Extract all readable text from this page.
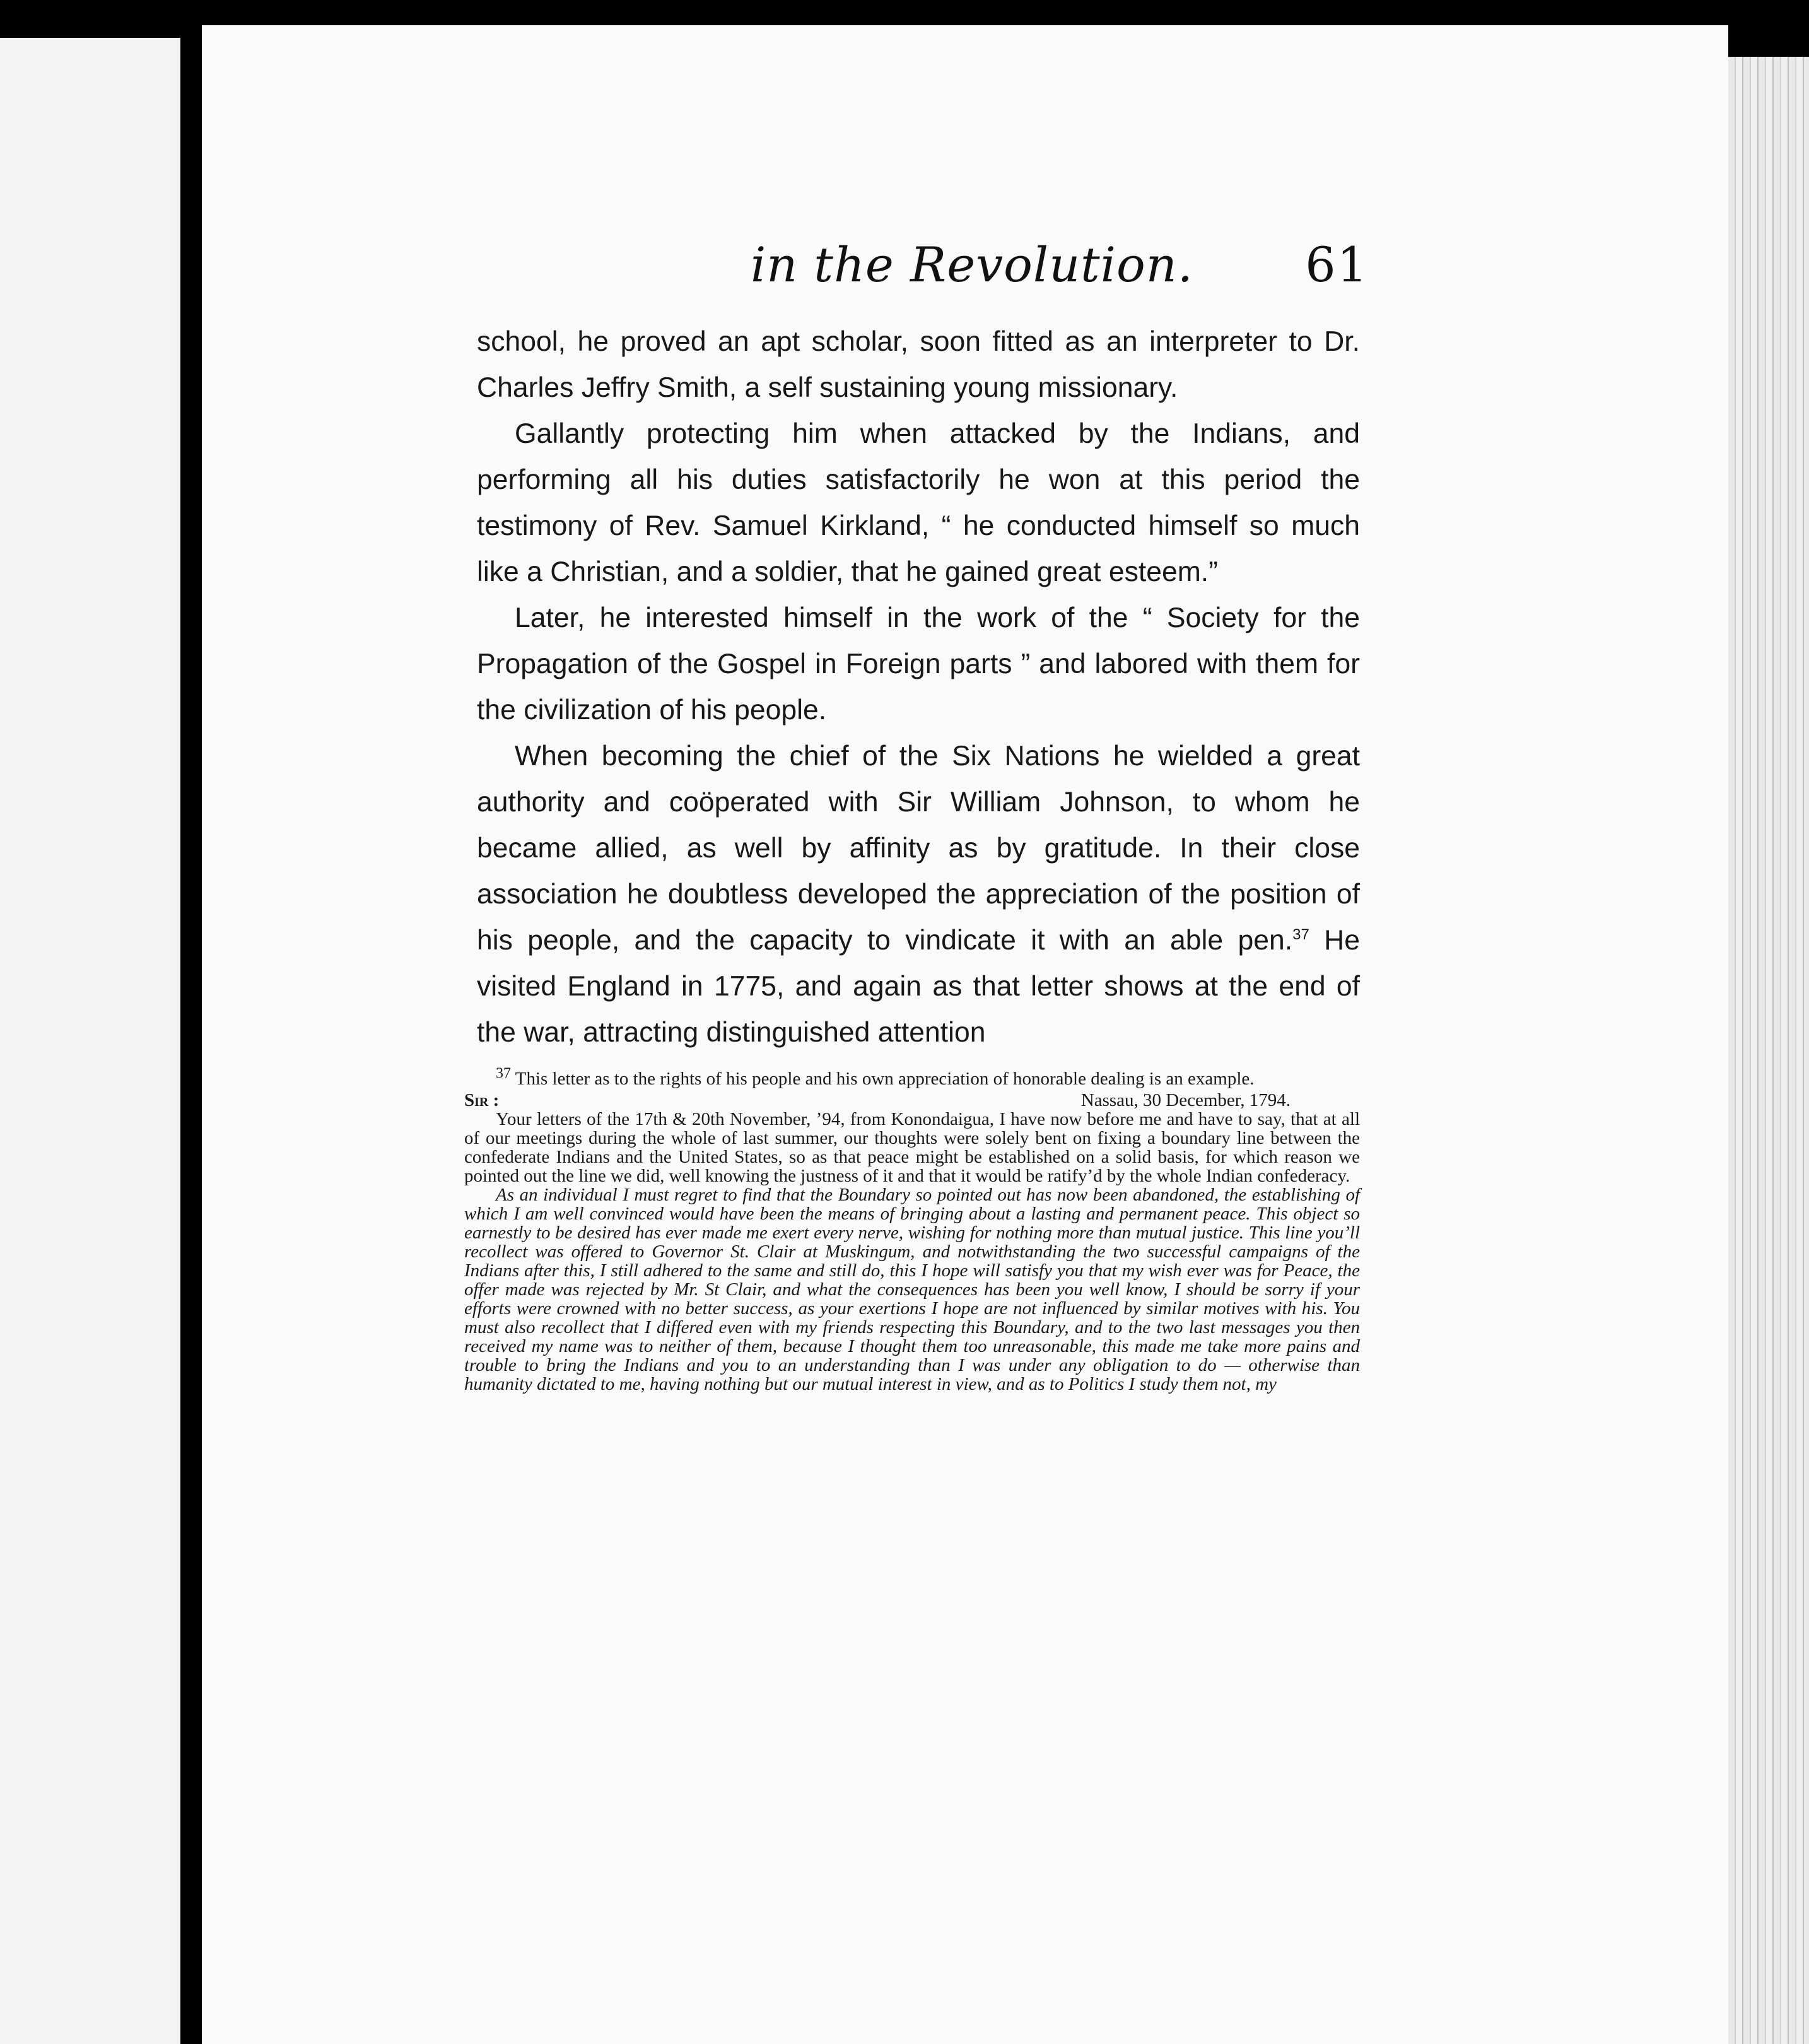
in the Revolution. 61

school, he proved an apt scholar, soon fitted as an interpreter to Dr. Charles Jeffry Smith, a self sustaining young missionary.

Gallantly protecting him when attacked by the Indians, and performing all his duties satisfactorily he won at this period the testimony of Rev. Samuel Kirkland, “ he conducted himself so much like a Christian, and a soldier, that he gained great esteem.”

Later, he interested himself in the work of the “ Society for the Propagation of the Gospel in Foreign parts ” and labored with them for the civilization of his people.

When becoming the chief of the Six Nations he wielded a great authority and coöperated with Sir William Johnson, to whom he became allied, as well by affinity as by gratitude. In their close association he doubtless developed the appreciation of the position of his people, and the capacity to vindicate it with an able pen.$^{37}$ He visited England in 1775, and again as that letter shows at the end of the war, attracting distinguished attention

$^{37}$ This letter as to the rights of his people and his own appreciation of honorable dealing is an example.

Sir :	Nassau, 30 December, 1794.

Your letters of the 17th & 20th November, ’94, from Konondaigua, I have now before me and have to say, that at all of our meetings during the whole of last summer, our thoughts were solely bent on fixing a boundary line between the confederate Indians and the United States, so as that peace might be established on a solid basis, for which reason we pointed out the line we did, well knowing the justness of it and that it would be ratify’d by the whole Indian confederacy.

As an individual I must regret to find that the Boundary so pointed out has now been abandoned, the establishing of which I am well convinced would have been the means of bringing about a lasting and permanent peace. This object so earnestly to be desired has ever made me exert every nerve, wishing for nothing more than mutual justice. This line you’ll recollect was offered to Governor St. Clair at Muskingum, and notwithstanding the two successful campaigns of the Indians after this, I still adhered to the same and still do, this I hope will satisfy you that my wish ever was for Peace, the offer made was rejected by Mr. St Clair, and what the consequences has been you well know, I should be sorry if your efforts were crowned with no better success, as your exertions I hope are not influenced by similar motives with his. You must also recollect that I differed even with my friends respecting this Boundary, and to the two last messages you then received my name was to neither of them, because I thought them too unreasonable, this made me take more pains and trouble to bring the Indians and you to an understanding than I was under any obligation to do — otherwise than humanity dictated to me, having nothing but our mutual interest in view, and as to Politics I study them not, my
